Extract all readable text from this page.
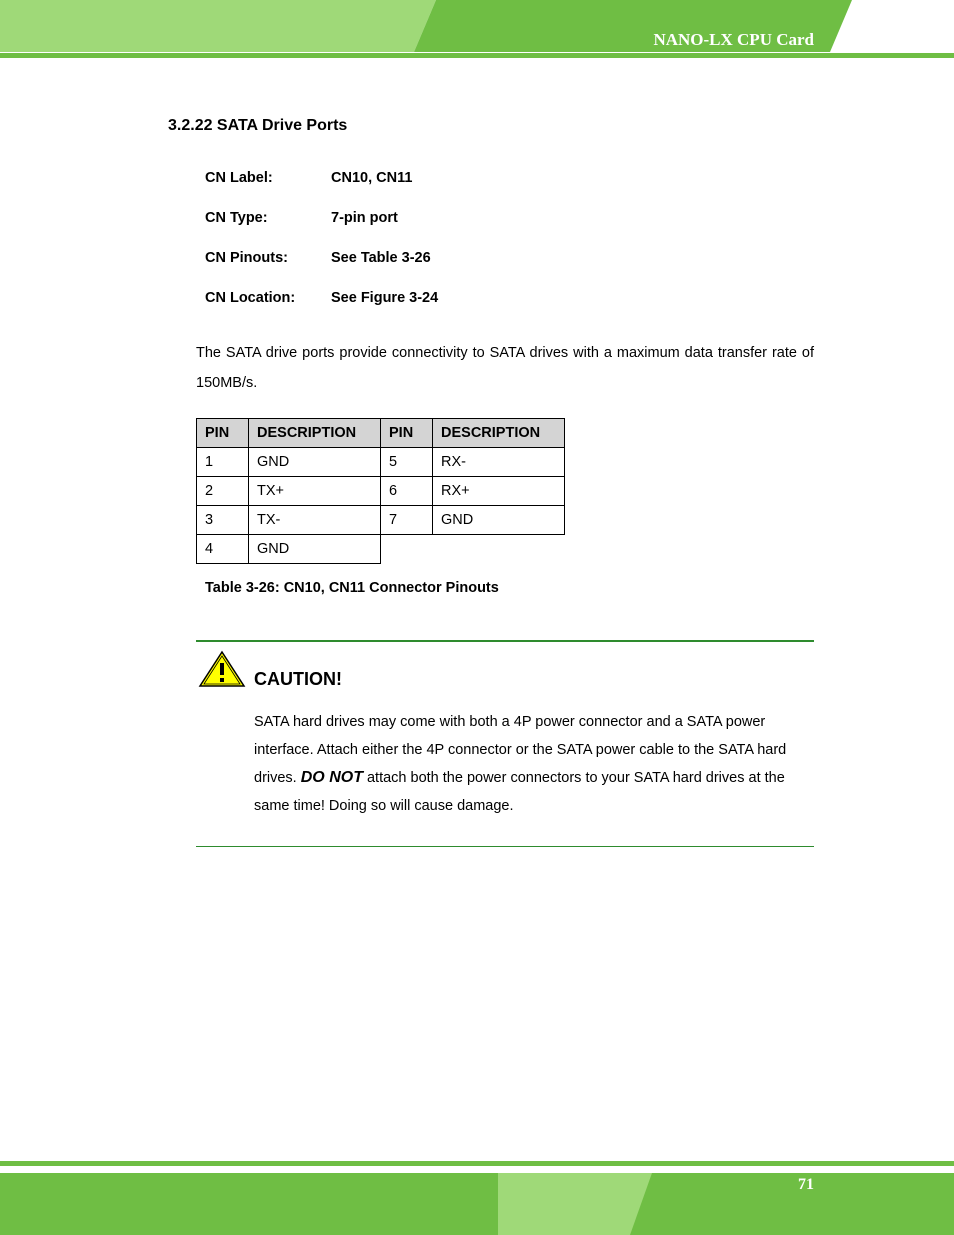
NANO-LX CPU Card
3.2.22 SATA Drive Ports
CN Label:	CN10, CN11
CN Type:	7-pin port
CN Pinouts:	See Table 3-26
CN Location: See Figure 3-24
The SATA drive ports provide connectivity to SATA drives with a maximum data transfer rate of 150MB/s.
PIN	DESCRIPTION	PIN	DESCRIPTION
1	GND	5	RX-
2	TX+	6	RX+
3	TX-	7	GND
4	GND		
Table 3-26: CN10, CN11 Connector Pinouts
CAUTION!
SATA hard drives may come with both a 4P power connector and a SATA power interface. Attach either the 4P connector or the SATA power cable to the SATA hard drives. DO NOT attach both the power connectors to your SATA hard drives at the same time! Doing so will cause damage.
71
